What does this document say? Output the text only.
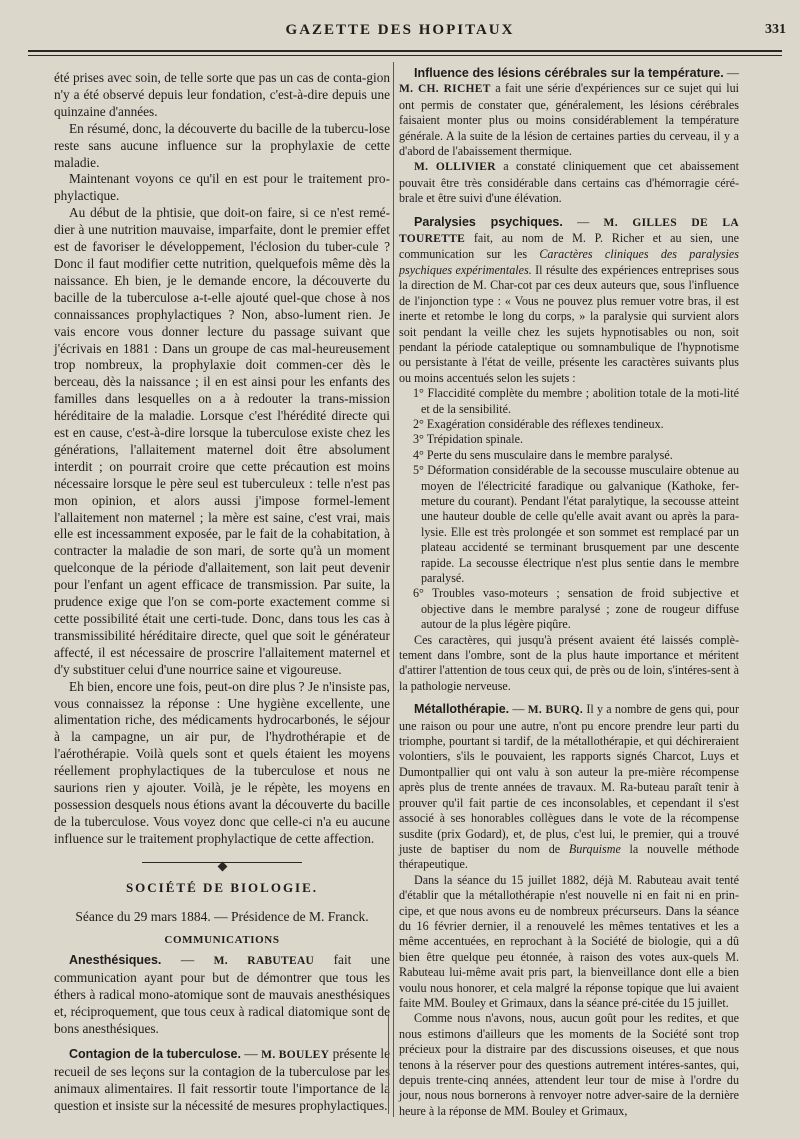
GAZETTE DES HOPITAUX	331

été prises avec soin, de telle sorte que pas un cas de conta-gion n'y a été observé depuis leur fondation, c'est-à-dire depuis une quinzaine d'années.

En résumé, donc, la découverte du bacille de la tubercu-lose reste sans aucune influence sur la prophylaxie de cette maladie.

Maintenant voyons ce qu'il en est pour le traitement pro-phylactique.

Au début de la phtisie, que doit-on faire, si ce n'est remé-dier à une nutrition mauvaise, imparfaite, dont le premier effet est de favoriser le développement, l'éclosion du tuber-cule ? Donc il faut modifier cette nutrition, quelquefois même dès la naissance. Eh bien, je le demande encore, la découverte du bacille de la tuberculose a-t-elle ajouté quel-que chose à nos connaissances prophylactiques ? Non, abso-lument rien. Je vais encore vous donner lecture du passage suivant que j'écrivais en 1881 : Dans un groupe de cas mal-heureusement trop nombreux, la prophylaxie doit commen-cer dès le berceau, dès la naissance ; il en est ainsi pour les enfants des familles dans lesquelles on a à redouter la trans-mission héréditaire de la maladie. Lorsque c'est l'hérédité directe qui est en cause, c'est-à-dire lorsque la tuberculose existe chez les générations, l'allaitement maternel doit être absolument interdit ; on pourrait croire que cette précaution est moins nécessaire lorsque le père seul est tuberculeux : telle n'est pas mon opinion, et alors aussi j'impose formel-lement l'allaitement non maternel ; la mère est saine, c'est vrai, mais elle est incessamment exposée, par le fait de la cohabitation, à contracter la maladie de son mari, de sorte qu'à un moment quelconque de la période d'allaitement, son lait peut devenir pour l'enfant un agent efficace de transmission. Par suite, la prudence exige que l'on se com-porte exactement comme si cette possibilité était une certi-tude. Donc, dans tous les cas à transmissibilité héréditaire directe, quel que soit le générateur affecté, il est nécessaire de proscrire l'allaitement maternel et d'y substituer celui d'une nourrice saine et vigoureuse.

Eh bien, encore une fois, peut-on dire plus ? Je n'insiste pas, vous connaissez la réponse : Une hygiène excellente, une alimentation riche, des médicaments hydrocarbonés, le séjour à la campagne, un air pur, de l'hydrothérapie et de l'aérothérapie. Voilà quels sont et quels étaient les moyens réellement prophylactiques de la tuberculose et nous ne saurions rien y ajouter. Voilà, je le répète, les moyens en possession desquels nous étions avant la découverte du bacille de la tuberculose. Vous voyez donc que celle-ci n'a eu aucune influence sur le traitement prophylactique de cette affection.

SOCIÉTÉ DE BIOLOGIE.
Séance du 29 mars 1884. — Présidence de M. Franck.
COMMUNICATIONS

Anesthésiques. — M. RABUTEAU fait une communication ayant pour but de démontrer que tous les éthers à radical mono-atomique sont de mauvais anesthésiques et, réciproquement, que tous ceux à radical diatomique sont de bons anesthésiques.

Contagion de la tuberculose. — M. BOULEY présente le recueil de ses leçons sur la contagion de la tuberculose par les animaux alimentaires. Il fait ressortir toute l'importance de la question et insiste sur la nécessité de mesures prophylactiques.

Influence des lésions cérébrales sur la température. — M. CH. RICHET a fait une série d'expériences sur ce sujet qui lui ont permis de constater que, généralement, les lésions cérébrales faisaient monter plus ou moins considérablement la température générale. A la suite de la lésion de certaines parties du cerveau, il y a d'abord de l'abaissement thermique.

M. OLLIVIER a constaté cliniquement que cet abaissement pouvait être très considérable dans certains cas d'hémorragie céré-brale et être suivi d'une élévation.

Paralysies psychiques. — M. GILLES DE LA TOURETTE fait, au nom de M. P. Richer et au sien, une communication sur les Caractères cliniques des paralysies psychiques expérimentales. Il résulte des expériences entreprises sous la direction de M. Char-cot par ces deux auteurs que, sous l'influence de l'injonction type : « Vous ne pouvez plus remuer votre bras, il est inerte et retombe le long du corps, » la paralysie qui survient alors soit pendant la veille chez les sujets hypnotisables ou non, soit pendant la période cataleptique ou somnambulique de l'hypnotisme ou persistante à l'état de veille, présente les caractères suivants plus ou moins accentués selon les sujets :

1° Flaccidité complète du membre ; abolition totale de la moti-lité et de la sensibilité.

2° Exagération considérable des réflexes tendineux.

3° Trépidation spinale.

4° Perte du sens musculaire dans le membre paralysé.

5° Déformation considérable de la secousse musculaire obtenue au moyen de l'électricité faradique ou galvanique (Kathoke, fer-meture du courant). Pendant l'état paralytique, la secousse atteint une hauteur double de celle qu'elle avait avant ou après la para-lysie. Elle est très prolongée et son sommet est remplacé par un plateau accidenté se terminant brusquement par une descente rapide. La secousse électrique n'est plus sentie dans le membre paralysé.

6° Troubles vaso-moteurs ; sensation de froid subjective et objective dans le membre paralysé ; zone de rougeur diffuse autour de la plus légère piqûre.

Ces caractères, qui jusqu'à présent avaient été laissés complè-tement dans l'ombre, sont de la plus haute importance et méritent d'attirer l'attention de tous ceux qui, de près ou de loin, s'intéres-sent à la pathologie nerveuse.

Métallothérapie. — M. BURQ. Il y a nombre de gens qui, pour une raison ou pour une autre, n'ont pu encore prendre leur parti du triomphe, pourtant si tardif, de la métallothérapie, et qui déchireraient volontiers, s'ils le pouvaient, les rapports signés Charcot, Luys et Dumontpallier qui ont valu à son auteur la pre-mière récompense après plus de trente années de travaux. M. Ra-buteau paraît tenir à prouver qu'il fait partie de ces inconsolables, et cependant il s'est associé à ses honorables collègues dans le vote de la récompense susdite (prix Godard), et, de plus, c'est lui, le premier, qui a trouvé juste de baptiser du nom de Burquisme la nouvelle méthode thérapeutique.

Dans la séance du 15 juillet 1882, déjà M. Rabuteau avait tenté d'établir que la métallothérapie n'est nouvelle ni en fait ni en prin-cipe, et que nous avons eu de nombreux précurseurs. Dans la séance du 16 février dernier, il a renouvelé les mêmes tentatives et les a même accentuées, en reprochant à la Société de biologie, qui a dû bien être quelque peu étonnée, à raison des votes aux-quels M. Rabuteau lui-même avait pris part, la bienveillance dont elle a bien voulu nous honorer, et cela malgré la réponse topique que lui avaient faite MM. Bouley et Grimaux, dans la séance pré-citée du 15 juillet.

Comme nous n'avons, nous, aucun goût pour les redites, et que nous estimons d'ailleurs que les moments de la Société sont trop précieux pour la distraire par des discussions oiseuses, et que nous tenons à la réserver pour des questions autrement intéres-santes, qui, depuis trente-cinq années, attendent leur tour de mise à l'ordre du jour, nous nous bornerons à renvoyer notre adver-saire de la dernière heure à la réponse de MM. Bouley et Grimaux,
